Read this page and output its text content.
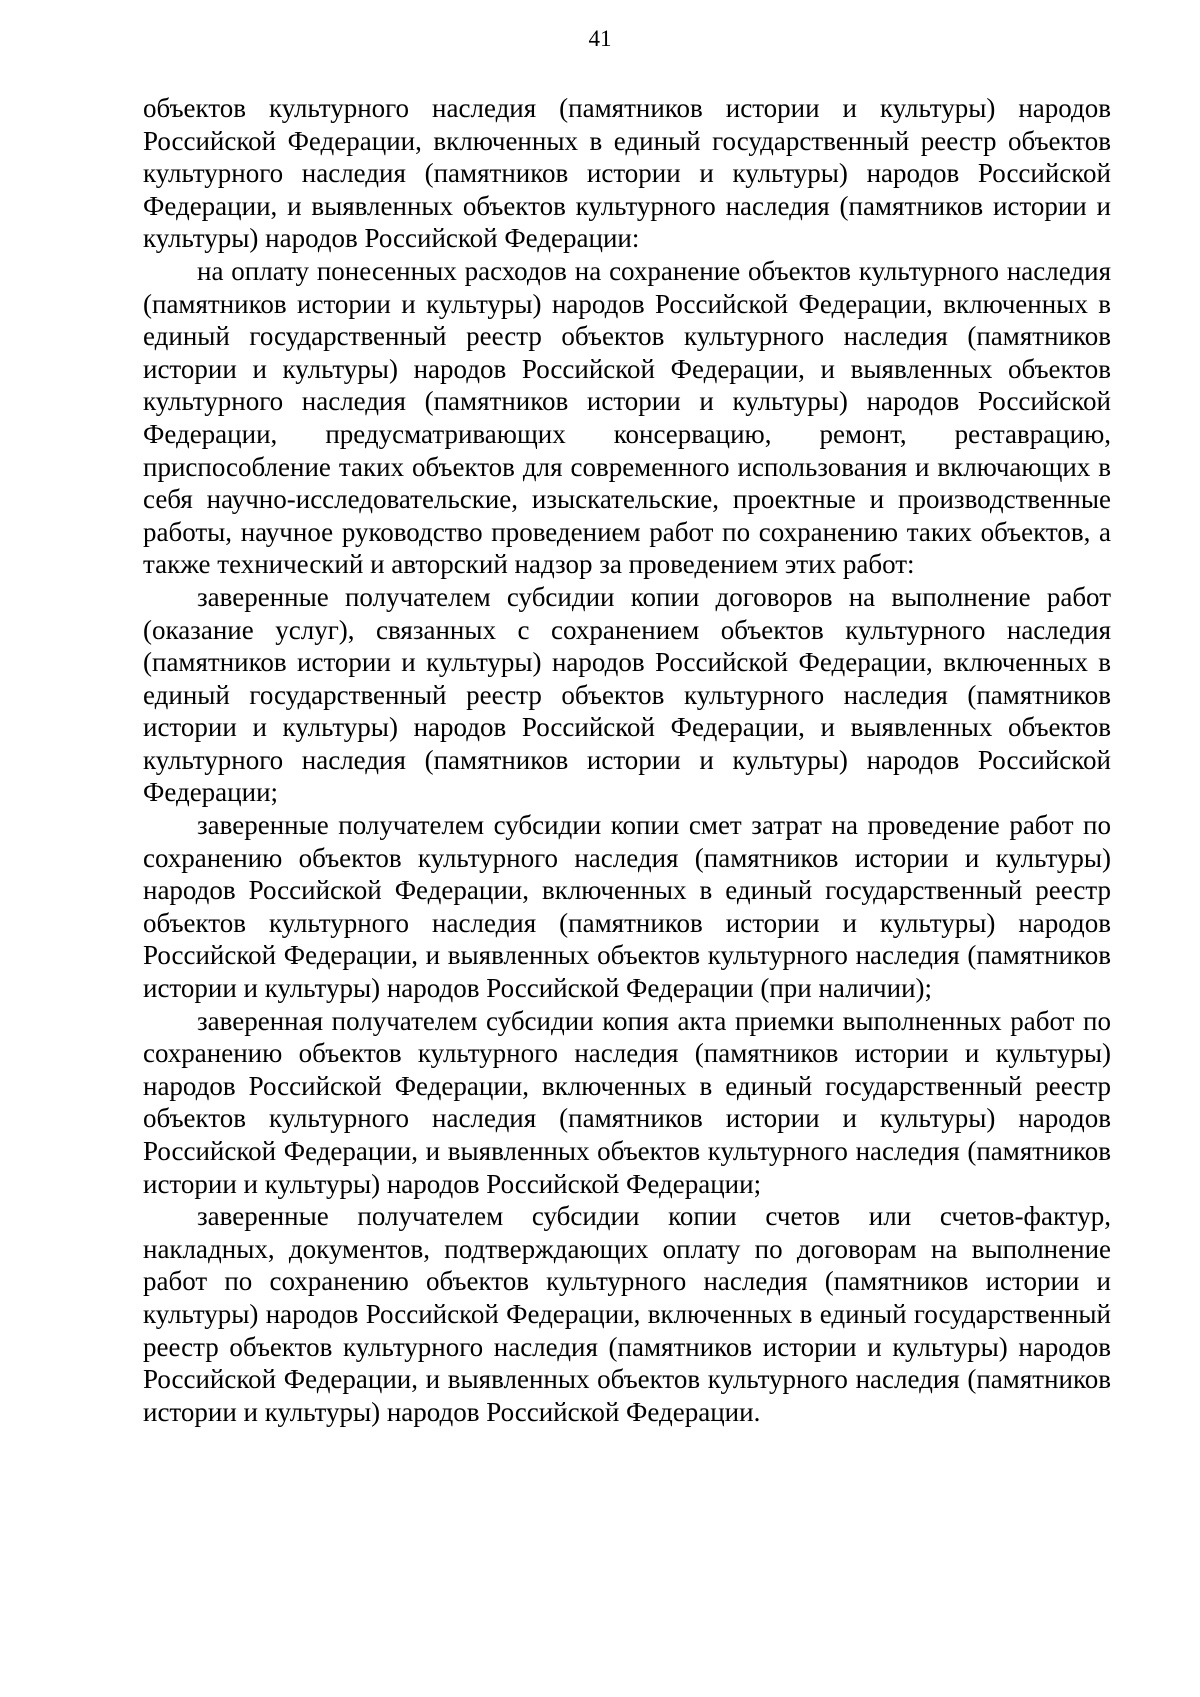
41

объектов культурного наследия (памятников истории и культуры) народов Российской Федерации, включенных в единый государственный реестр объектов культурного наследия (памятников истории и культуры) народов Российской Федерации, и выявленных объектов культурного наследия (памятников истории и культуры) народов Российской Федерации:

на оплату понесенных расходов на сохранение объектов культурного наследия (памятников истории и культуры) народов Российской Федерации, включенных в единый государственный реестр объектов культурного наследия (памятников истории и культуры) народов Российской Федерации, и выявленных объектов культурного наследия (памятников истории и культуры) народов Российской Федерации, предусматривающих консервацию, ремонт, реставрацию, приспособление таких объектов для современного использования и включающих в себя научно-исследовательские, изыскательские, проектные и производственные работы, научное руководство проведением работ по сохранению таких объектов, а также технический и авторский надзор за проведением этих работ:

заверенные получателем субсидии копии договоров на выполнение работ (оказание услуг), связанных с сохранением объектов культурного наследия (памятников истории и культуры) народов Российской Федерации, включенных в единый государственный реестр объектов культурного наследия (памятников истории и культуры) народов Российской Федерации, и выявленных объектов культурного наследия (памятников истории и культуры) народов Российской Федерации;

заверенные получателем субсидии копии смет затрат на проведение работ по сохранению объектов культурного наследия (памятников истории и культуры) народов Российской Федерации, включенных в единый государственный реестр объектов культурного наследия (памятников истории и культуры) народов Российской Федерации, и выявленных объектов культурного наследия (памятников истории и культуры) народов Российской Федерации (при наличии);

заверенная получателем субсидии копия акта приемки выполненных работ по сохранению объектов культурного наследия (памятников истории и культуры) народов Российской Федерации, включенных в единый государственный реестр объектов культурного наследия (памятников истории и культуры) народов Российской Федерации, и выявленных объектов культурного наследия (памятников истории и культуры) народов Российской Федерации;

заверенные получателем субсидии копии счетов или счетов-фактур, накладных, документов, подтверждающих оплату по договорам на выполнение работ по сохранению объектов культурного наследия (памятников истории и культуры) народов Российской Федерации, включенных в единый государственный реестр объектов культурного наследия (памятников истории и культуры) народов Российской Федерации, и выявленных объектов культурного наследия (памятников истории и культуры) народов Российской Федерации.
